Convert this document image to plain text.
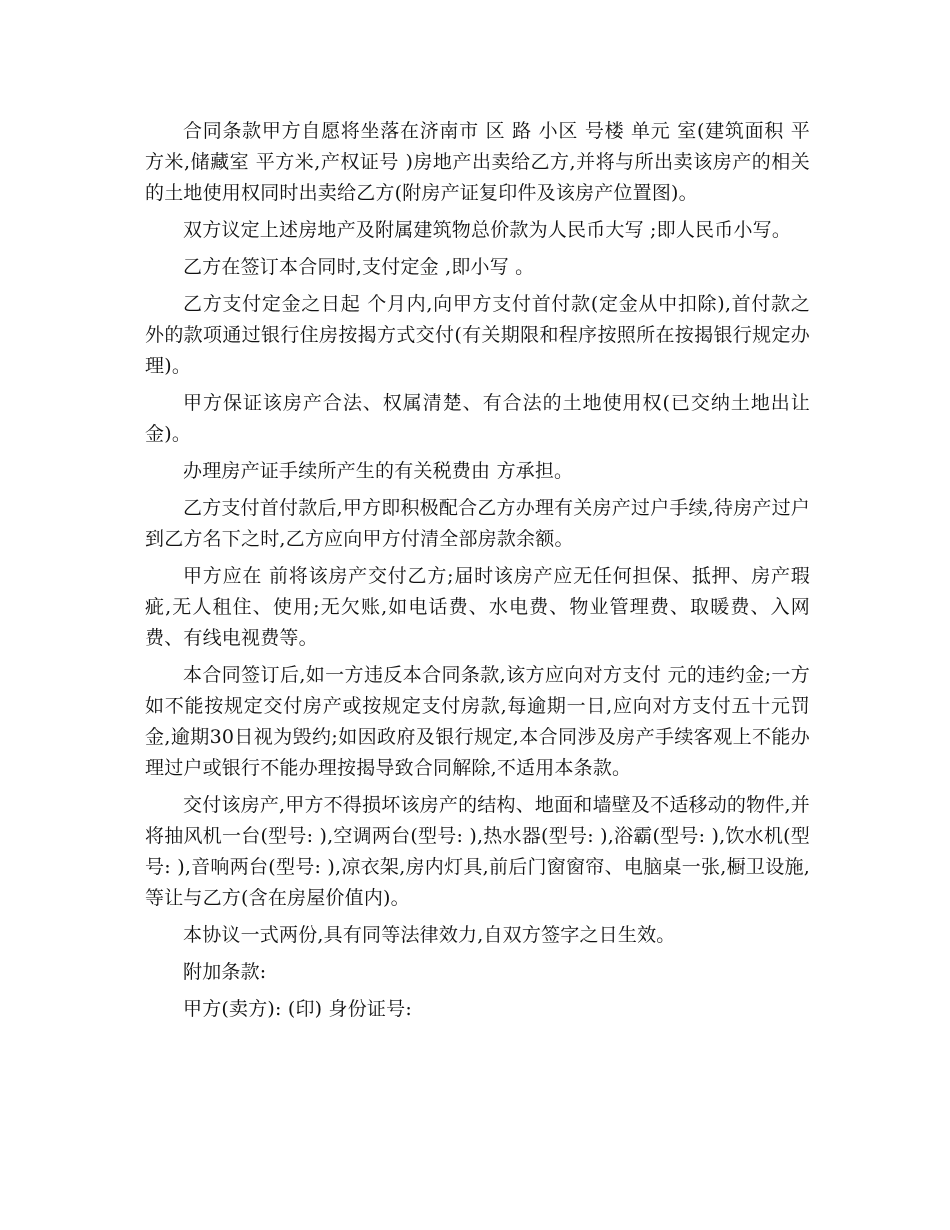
合同条款甲方自愿将坐落在济南市 区 路 小区 号楼 单元 室(建筑面积 平方米,储藏室 平方米,产权证号 )房地产出卖给乙方,并将与所出卖该房产的相关的土地使用权同时出卖给乙方(附房产证复印件及该房产位置图)。

双方议定上述房地产及附属建筑物总价款为人民币大写 ;即人民币小写。

乙方在签订本合同时,支付定金 ,即小写 。

乙方支付定金之日起 个月内,向甲方支付首付款(定金从中扣除),首付款之外的款项通过银行住房按揭方式交付(有关期限和程序按照所在按揭银行规定办理)。

甲方保证该房产合法、权属清楚、有合法的土地使用权(已交纳土地出让金)。

办理房产证手续所产生的有关税费由 方承担。

乙方支付首付款后,甲方即积极配合乙方办理有关房产过户手续,待房产过户到乙方名下之时,乙方应向甲方付清全部房款余额。

甲方应在 前将该房产交付乙方;届时该房产应无任何担保、抵押、房产瑕疵,无人租住、使用;无欠账,如电话费、水电费、物业管理费、取暖费、入网费、有线电视费等。

本合同签订后,如一方违反本合同条款,该方应向对方支付 元的违约金;一方如不能按规定交付房产或按规定支付房款,每逾期一日,应向对方支付五十元罚金,逾期30日视为毁约;如因政府及银行规定,本合同涉及房产手续客观上不能办理过户或银行不能办理按揭导致合同解除,不适用本条款。

交付该房产,甲方不得损坏该房产的结构、地面和墙壁及不适移动的物件,并将抽风机一台(型号: ),空调两台(型号: ),热水器(型号: ),浴霸(型号: ),饮水机(型号: ),音响两台(型号: ),凉衣架,房内灯具,前后门窗窗帘、电脑桌一张,橱卫设施, 等让与乙方(含在房屋价值内)。

本协议一式两份,具有同等法律效力,自双方签字之日生效。

附加条款:

甲方(卖方): (印) 身份证号:
